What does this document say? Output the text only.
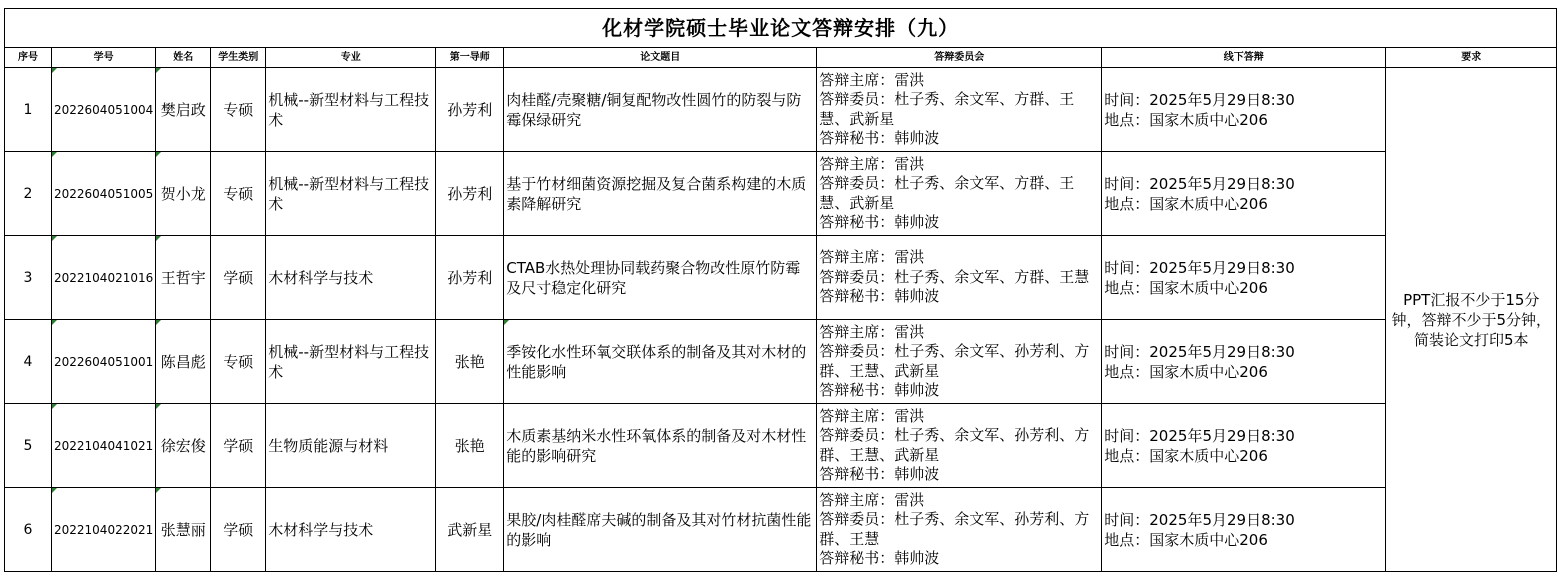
化材学院硕士毕业论文答辩安排（九）									
序号	学号	姓名	学生类别	专业	第一导师	论文题目	答辩委员会	线下答辩	要求
1	2022604051004	樊启政	专硕	机械--新型材料与工程技术	孙芳利	肉桂醛/壳聚糖/铜复配物改性圆竹的防裂与防霉保绿研究	答辩主席：雷洪
答辩委员：杜子秀、余文军、方群、王慧、武新星
答辩秘书：韩帅波	时间：2025年5月29日8:30
地点：国家木质中心206	PPT汇报不少于15分钟，答辩不少于5分钟，简装论文打印5本
2	2022604051005	贺小龙	专硕	机械--新型材料与工程技术	孙芳利	基于竹材细菌资源挖掘及复合菌系构建的木质素降解研究	答辩主席：雷洪
答辩委员：杜子秀、余文军、方群、王慧、武新星
答辩秘书：韩帅波	时间：2025年5月29日8:30
地点：国家木质中心206	

3	2022104021016	王哲宇	学硕	木材科学与技术	孙芳利	CTAB水热处理协同载药聚合物改性原竹防霉及尺寸稳定化研究	答辩主席：雷洪
答辩委员：杜子秀、余文军、方群、王慧
答辩秘书：韩帅波	时间：2025年5月29日8:30
地点：国家木质中心206	

4	2022604051001	陈昌彪	专硕	机械--新型材料与工程技术	张艳	季铵化水性环氧交联体系的制备及其对木材的性能影响	答辩主席：雷洪
答辩委员：杜子秀、余文军、孙芳利、方群、王慧、武新星
答辩秘书：韩帅波	时间：2025年5月29日8:30
地点：国家木质中心206	

5	2022104041021	徐宏俊	学硕	生物质能源与材料	张艳	木质素基纳米水性环氧体系的制备及对木材性能的影响研究	答辩主席：雷洪
答辩委员：杜子秀、余文军、孙芳利、方群、王慧、武新星
答辩秘书：韩帅波	时间：2025年5月29日8:30
地点：国家木质中心206	

6	2022104022021	张慧丽	学硕	木材科学与技术	武新星	果胶/肉桂醛席夫碱的制备及其对竹材抗菌性能的影响	答辩主席：雷洪
答辩委员：杜子秀、余文军、孙芳利、方群、王慧
答辩秘书：韩帅波	时间：2025年5月29日8:30
地点：国家木质中心206	
